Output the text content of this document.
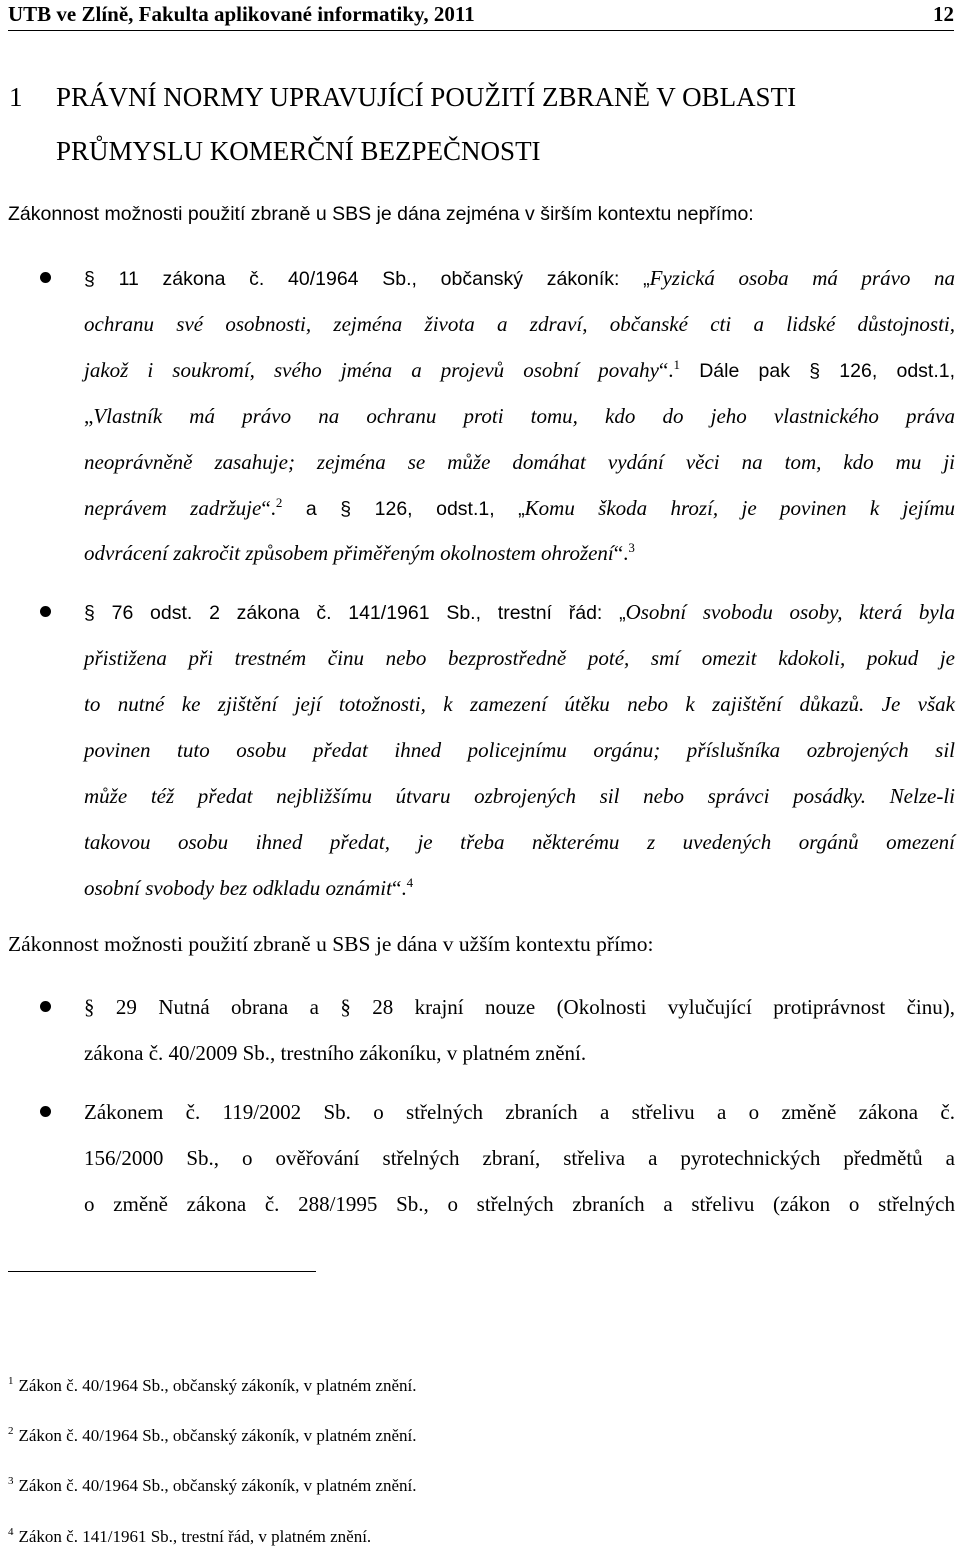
UTB ve Zlíně, Fakulta aplikované informatiky, 2011	12
1 PRÁVNÍ NORMY UPRAVUJÍCÍ POUŽITÍ ZBRANĚ V OBLASTI
PRŮMYSLU KOMERČNÍ BEZPEČNOSTI
Zákonnost možnosti použití zbraně u SBS je dána zejména v širším kontextu nepřímo:
§ 11 zákona č. 40/1964 Sb., občanský zákoník: „Fyzická osoba má právo na
ochranu své osobnosti, zejména života a zdraví, občanské cti a lidské důstojnosti,
jakož i soukromí, svého jména a projevů osobní povahy“.$^1$ Dále pak § 126, odst.1,
„Vlastník má právo na ochranu proti tomu, kdo do jeho vlastnického práva
neoprávněně zasahuje; zejména se může domáhat vydání věci na tom, kdo mu ji
neprávem zadržuje“.$^2$ a § 126, odst.1, „Komu škoda hrozí, je povinen k jejímu
odvrácení zakročit způsobem přiměřeným okolnostem ohrožení“.$^3$
§ 76 odst. 2 zákona č. 141/1961 Sb., trestní řád: „Osobní svobodu osoby, která byla
přistižena při trestném činu nebo bezprostředně poté, smí omezit kdokoli, pokud je
to nutné ke zjištění její totožnosti, k zamezení útěku nebo k zajištění důkazů. Je však
povinen tuto osobu předat ihned policejnímu orgánu; příslušníka ozbrojených sil
může též předat nejbližšímu útvaru ozbrojených sil nebo správci posádky. Nelze-li
takovou osobu ihned předat, je třeba některému z uvedených orgánů omezení
osobní svobody bez odkladu oznámit“.$^4$
Zákonnost možnosti použití zbraně u SBS je dána v užším kontextu přímo:
§ 29 Nutná obrana a § 28 krajní nouze (Okolnosti vylučující protiprávnost činu),
zákona č. 40/2009 Sb., trestního zákoníku, v platném znění.
Zákonem č. 119/2002 Sb. o střelných zbraních a střelivu a o změně zákona č.
156/2000 Sb., o ověřování střelných zbraní, střeliva a pyrotechnických předmětů a
o změně zákona č. 288/1995 Sb., o střelných zbraních a střelivu (zákon o střelných
$^1$ Zákon č. 40/1964 Sb., občanský zákoník, v platném znění.
$^2$ Zákon č. 40/1964 Sb., občanský zákoník, v platném znění.
$^3$ Zákon č. 40/1964 Sb., občanský zákoník, v platném znění.
$^4$ Zákon č. 141/1961 Sb., trestní řád, v platném znění.
